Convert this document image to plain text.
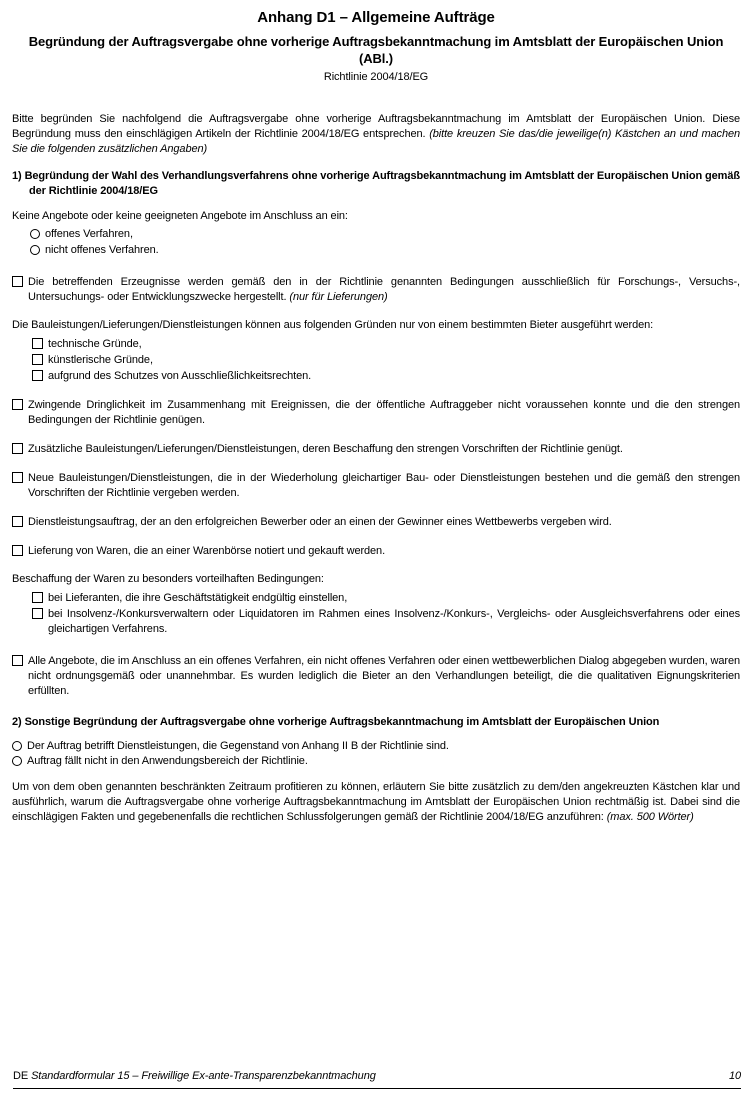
Anhang D1 – Allgemeine Aufträge
Begründung der Auftragsvergabe ohne vorherige Auftragsbekanntmachung im Amtsblatt der Europäischen Union (ABl.)
Richtlinie 2004/18/EG

Bitte begründen Sie nachfolgend die Auftragsvergabe ohne vorherige Auftragsbekanntmachung im Amtsblatt der Europäischen Union. Diese Begründung muss den einschlägigen Artikeln der Richtlinie 2004/18/EG entsprechen. (bitte kreuzen Sie das/die jeweilige(n) Kästchen an und machen Sie die folgenden zusätzlichen Angaben)

1) Begründung der Wahl des Verhandlungsverfahrens ohne vorherige Auftragsbekanntmachung im Amtsblatt der Europäischen Union gemäß der Richtlinie 2004/18/EG
Keine Angebote oder keine geeigneten Angebote im Anschluss an ein:
offenes Verfahren,
nicht offenes Verfahren.
Die betreffenden Erzeugnisse werden gemäß den in der Richtlinie genannten Bedingungen ausschließlich für Forschungs-, Versuchs-, Untersuchungs- oder Entwicklungszwecke hergestellt. (nur für Lieferungen)

Die Bauleistungen/Lieferungen/Dienstleistungen können aus folgenden Gründen nur von einem bestimmten Bieter ausgeführt werden:

technische Gründe,
künstlerische Gründe,
aufgrund des Schutzes von Ausschließlichkeitsrechten.
Zwingende Dringlichkeit im Zusammenhang mit Ereignissen, die der öffentliche Auftraggeber nicht voraussehen konnte und die den strengen Bedingungen der Richtlinie genügen.
Zusätzliche Bauleistungen/Lieferungen/Dienstleistungen, deren Beschaffung den strengen Vorschriften der Richtlinie genügt.
Neue Bauleistungen/Dienstleistungen, die in der Wiederholung gleichartiger Bau- oder Dienstleistungen bestehen und die gemäß den strengen Vorschriften der Richtlinie vergeben werden.
Dienstleistungsauftrag, der an den erfolgreichen Bewerber oder an einen der Gewinner eines Wettbewerbs vergeben wird.
Lieferung von Waren, die an einer Warenbörse notiert und gekauft werden.

Beschaffung der Waren zu besonders vorteilhaften Bedingungen:

bei Lieferanten, die ihre Geschäftstätigkeit endgültig einstellen,
bei Insolvenz-/Konkursverwaltern oder Liquidatoren im Rahmen eines Insolvenz-/Konkurs-, Vergleichs- oder Ausgleichsverfahrens oder eines gleichartigen Verfahrens.
Alle Angebote, die im Anschluss an ein offenes Verfahren, ein nicht offenes Verfahren oder einen wettbewerblichen Dialog abgegeben wurden, waren nicht ordnungsgemäß oder unannehmbar. Es wurden lediglich die Bieter an den Verhandlungen beteiligt, die die qualitativen Eignungskriterien erfüllten.
2) Sonstige Begründung der Auftragsvergabe ohne vorherige Auftragsbekanntmachung im Amtsblatt der Europäischen Union
Der Auftrag betrifft Dienstleistungen, die Gegenstand von Anhang II B der Richtlinie sind.
Auftrag fällt nicht in den Anwendungsbereich der Richtlinie.

Um von dem oben genannten beschränkten Zeitraum profitieren zu können, erläutern Sie bitte zusätzlich zu dem/den angekreuzten Kästchen klar und ausführlich, warum die Auftragsvergabe ohne vorherige Auftragsbekanntmachung im Amtsblatt der Europäischen Union rechtmäßig ist. Dabei sind die einschlägigen Fakten und gegebenenfalls die rechtlichen Schlussfolgerungen gemäß der Richtlinie 2004/18/EG anzuführen: (max. 500 Wörter)

DE Standardformular 15 – Freiwillige Ex-ante-Transparenzbekanntmachung	10
